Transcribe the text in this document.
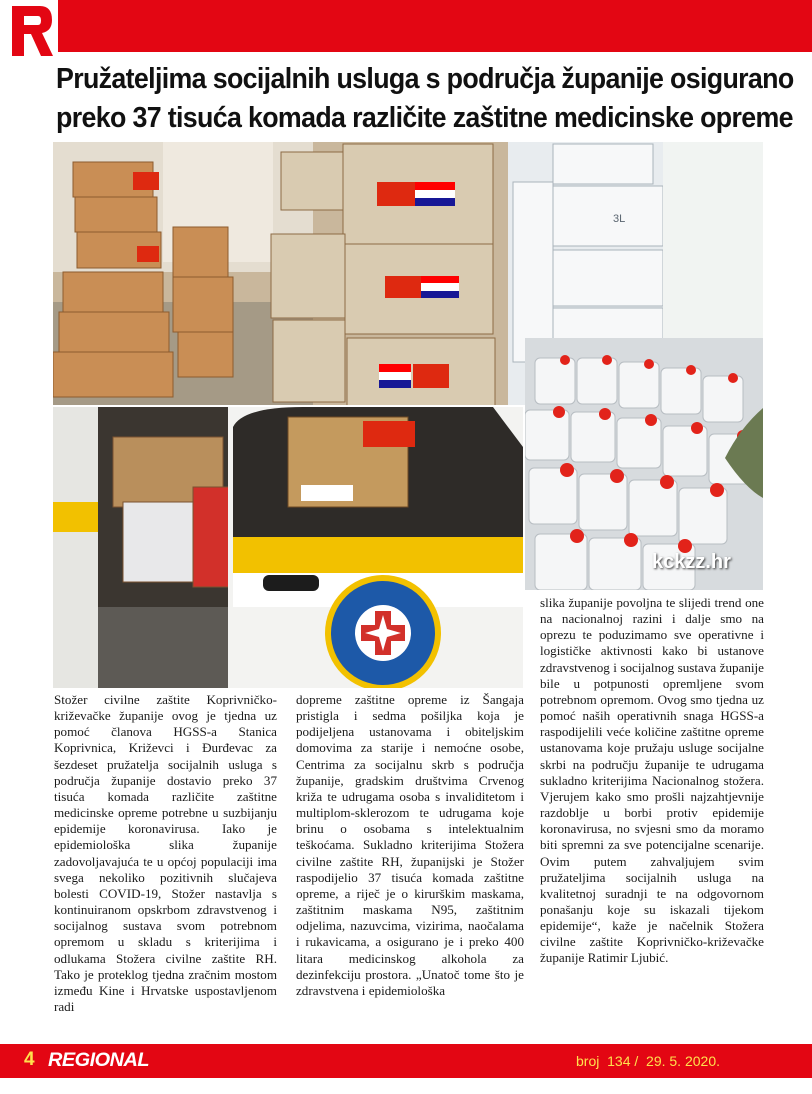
Pružateljima socijalnih usluga s područja županije osigurano
preko 37 tisuća komada različite zaštitne medicinske opreme
3L
kckzz.hr
Stožer civilne zaštite Koprivničko-križevačke županije ovog je tjedna uz pomoć članova HGSS-a Stanica Koprivnica, Križevci i Đurđevac za šezdeset pružatelja socijalnih usluga s područja županije dostavio preko 37 tisuća komada različite zaštitne medicinske opreme potrebne u suzbijanju epidemije koronavirusa. Iako je epidemiološka slika županije zadovoljavajuća te u općoj populaciji ima svega nekoliko pozitivnih slučajeva bolesti COVID-19, Stožer nastavlja s kontinuiranom opskrbom zdravstvenog i socijalnog sustava svom potrebnom opremom u skladu s kriterijima i odlukama Stožera civilne zaštite RH. Tako je proteklog tjedna zračnim mostom između Kine i Hrvatske uspostavljenom radi
dopreme zaštitne opreme iz Šangaja pristigla i sedma pošiljka koja je podijeljena ustanovama i obiteljskim domovima za starije i nemoćne osobe, Centrima za socijalnu skrb s područja županije, gradskim društvima Crvenog križa te udrugama osoba s invaliditetom i multiplom-sklerozom te udrugama koje brinu o osobama s intelektualnim teškoćama. Sukladno kriterijima Stožera civilne zaštite RH, županijski je Stožer raspodijelio 37 tisuća komada zaštitne opreme, a riječ je o kirurškim maskama, zaštitnim maskama N95, zaštitnim odjelima, nazuvcima, vizirima, naočalama i rukavicama, a osigurano je i preko 400 litara medicinskog alkohola za dezinfekciju prostora. „Unatoč tome što je zdravstvena i epidemiološka
slika županije povoljna te slijedi trend one na nacionalnoj razini i dalje smo na oprezu te poduzimamo sve operativne i logističke aktivnosti kako bi ustanove zdravstvenog i socijalnog sustava županije bile u potpunosti opremljene svom potrebnom opremom. Ovog smo tjedna uz pomoć naših operativnih snaga HGSS-a raspodijelili veće količine zaštitne opreme ustanovama koje pružaju usluge socijalne skrbi na području županije te udrugama sukladno kriterijima Nacionalnog stožera. Vjerujem kako smo prošli najzahtjevnije razdoblje u borbi protiv epidemije koronavirusa, no svjesni smo da moramo biti spremni za sve potencijalne scenarije. Ovim putem zahvaljujem svim pružateljima socijalnih usluga na kvalitetnoj suradnji te na odgovornom ponašanju koje su iskazali tijekom epidemije“, kaže je načelnik Stožera civilne zaštite Koprivničko-križevačke županije Ratimir Ljubić.
4 REGIONAL	broj  134 /  29. 5. 2020.
